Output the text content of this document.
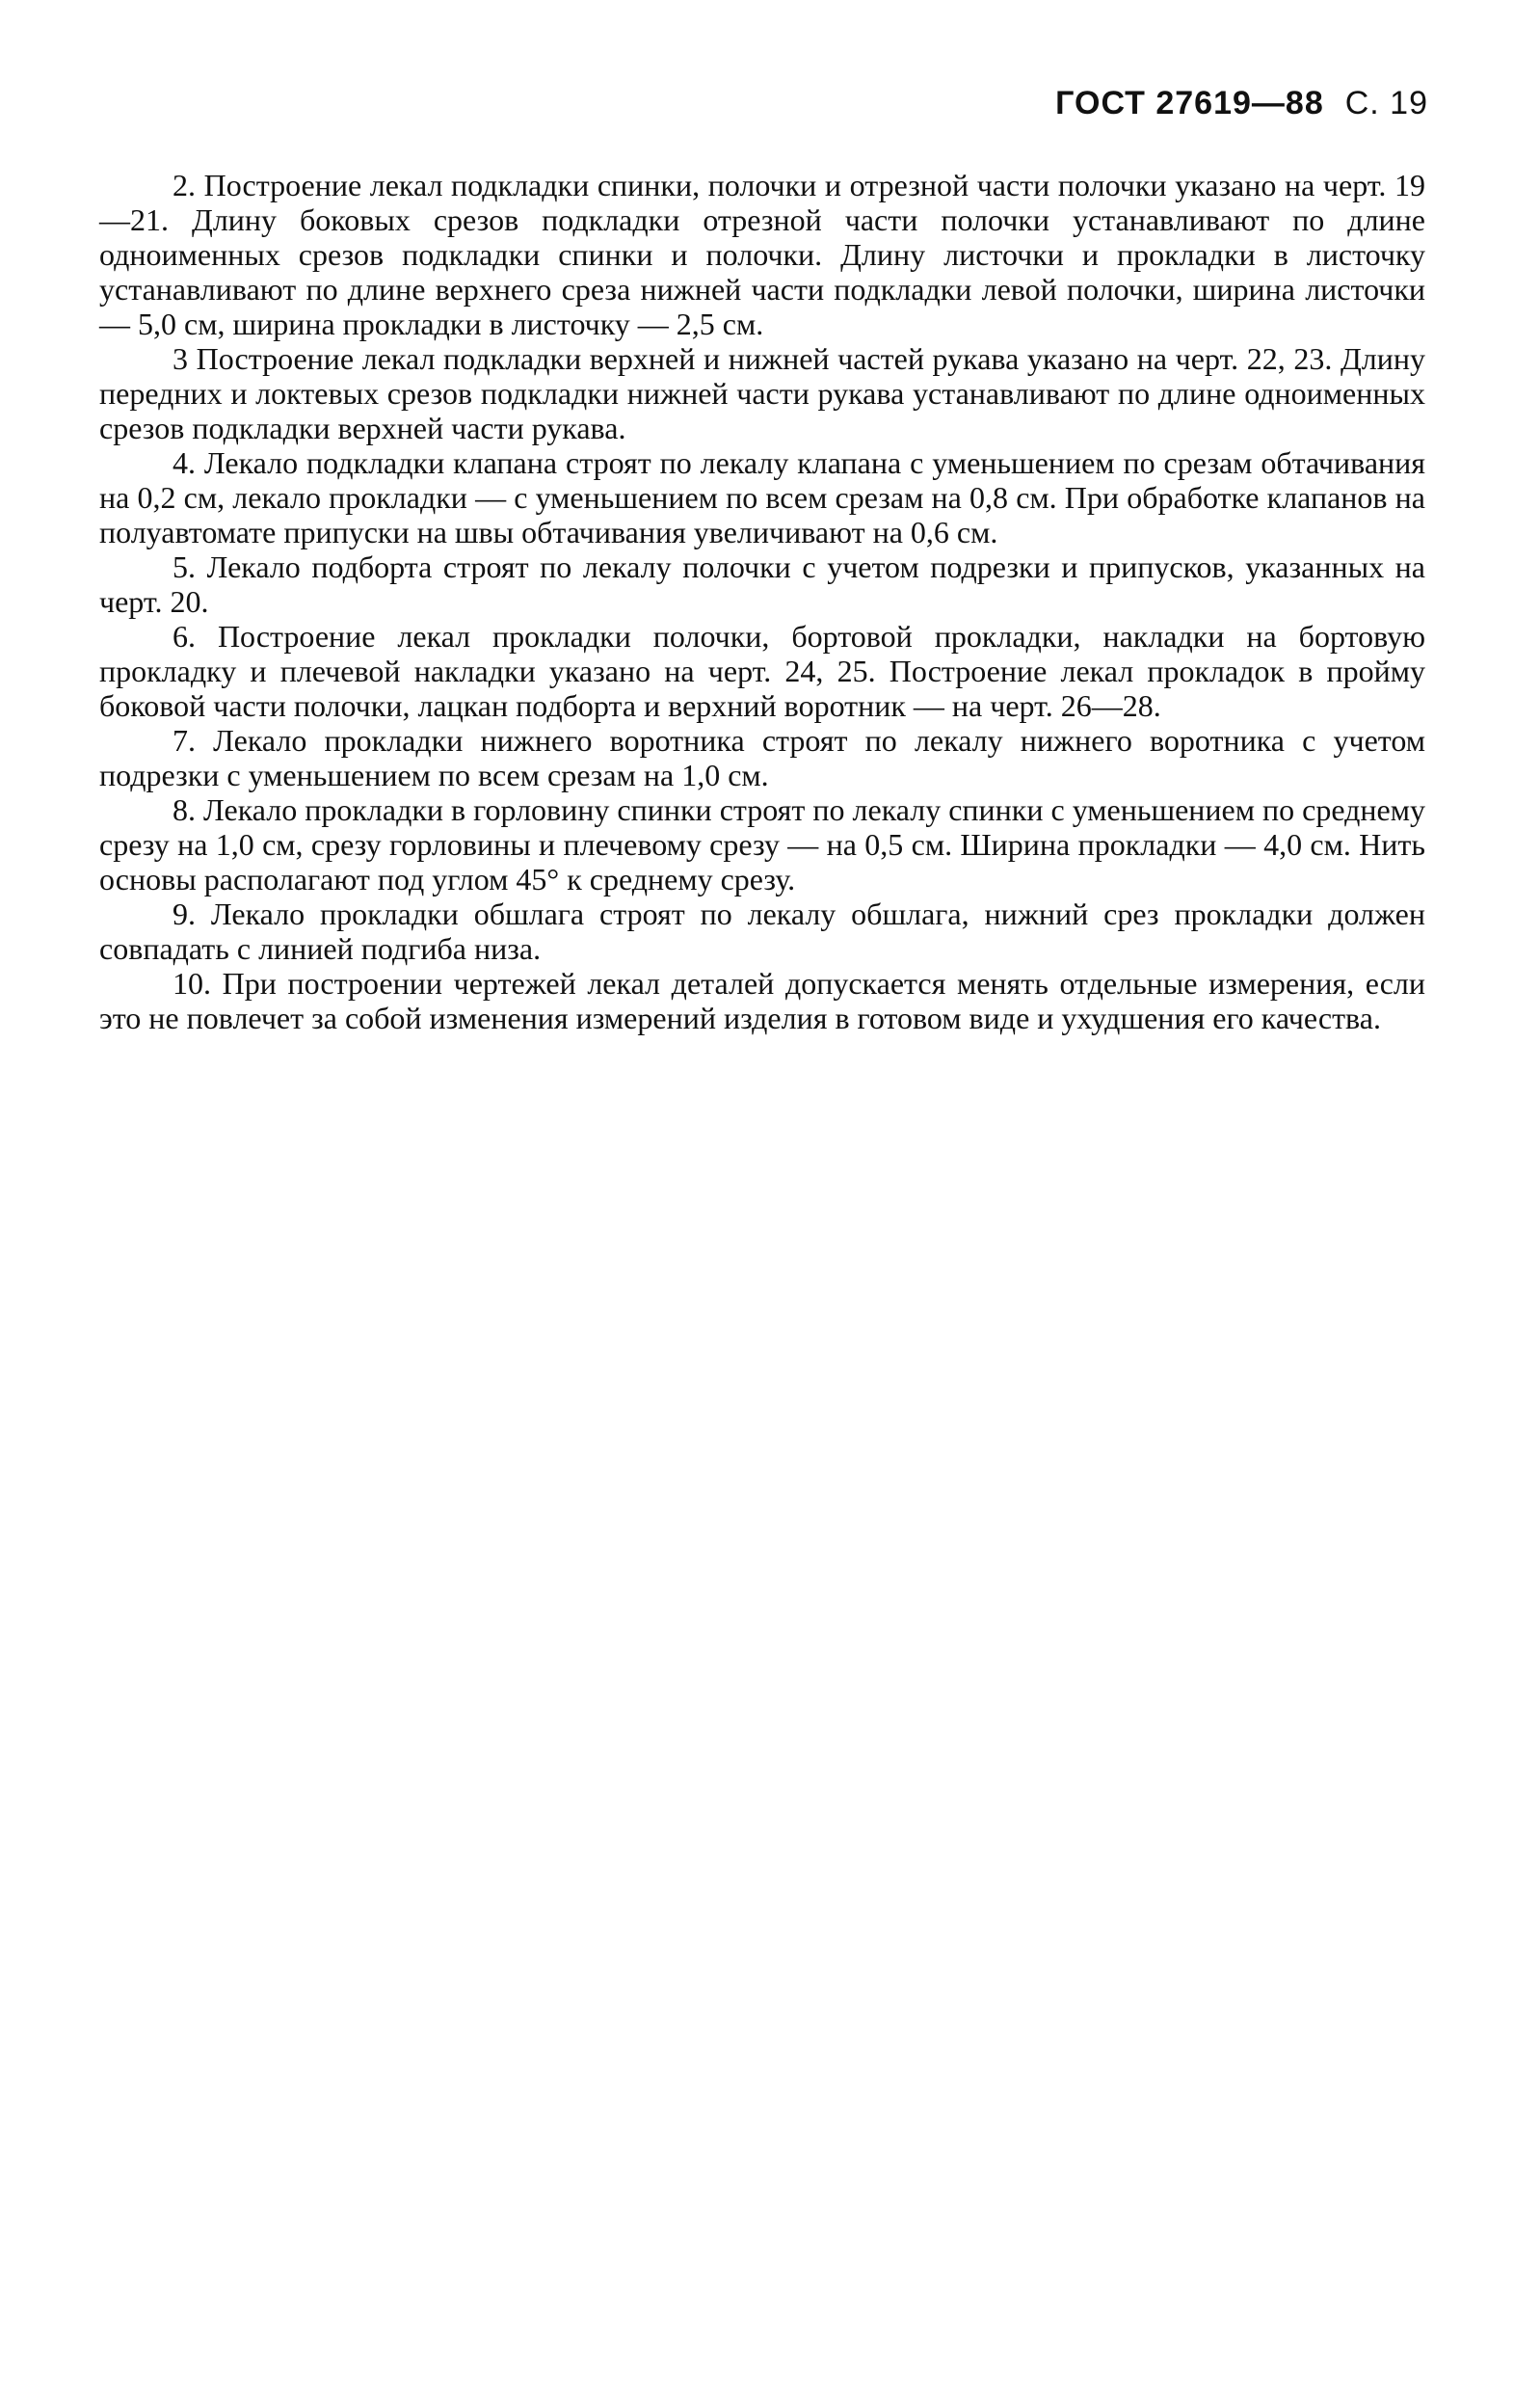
ГОСТ 27619—88 С. 19

2. Построение лекал подкладки спинки, полочки и отрезной части полочки указано на черт. 19—21. Длину боковых срезов подкладки отрезной части полочки устанавливают по длине одноименных срезов подкладки спинки и полочки. Длину листочки и прокладки в листочку устанавливают по длине верхнего среза нижней части подкладки левой полочки, ширина листочки — 5,0 см, ширина прокладки в листочку — 2,5 см.

3 Построение лекал подкладки верхней и нижней частей рукава указано на черт. 22, 23. Длину передних и локтевых срезов подкладки нижней части рукава устанавливают по длине одноименных срезов подкладки верхней части рукава.

4. Лекало подкладки клапана строят по лекалу клапана с уменьшением по срезам обтачивания на 0,2 см, лекало прокладки — с уменьшением по всем срезам на 0,8 см. При обработке клапанов на полуавтомате припуски на швы обтачивания увеличивают на 0,6 см.

5. Лекало подборта строят по лекалу полочки с учетом подрезки и припусков, указанных на черт. 20.

6. Построение лекал прокладки полочки, бортовой прокладки, накладки на бортовую прокладку и плечевой накладки указано на черт. 24, 25. Построение лекал прокладок в пройму боковой части полочки, лацкан подборта и верхний воротник — на черт. 26—28.

7. Лекало прокладки нижнего воротника строят по лекалу нижнего воротника с учетом подрезки с уменьшением по всем срезам на 1,0 см.

8. Лекало прокладки в горловину спинки строят по лекалу спинки с уменьшением по среднему срезу на 1,0 см, срезу горловины и плечевому срезу — на 0,5 см. Ширина прокладки — 4,0 см. Нить основы располагают под углом 45° к среднему срезу.

9. Лекало прокладки обшлага строят по лекалу обшлага, нижний срез прокладки должен совпадать с линией подгиба низа.

10. При построении чертежей лекал деталей допускается менять отдельные измерения, если это не повлечет за собой изменения измерений изделия в готовом виде и ухудшения его качества.
